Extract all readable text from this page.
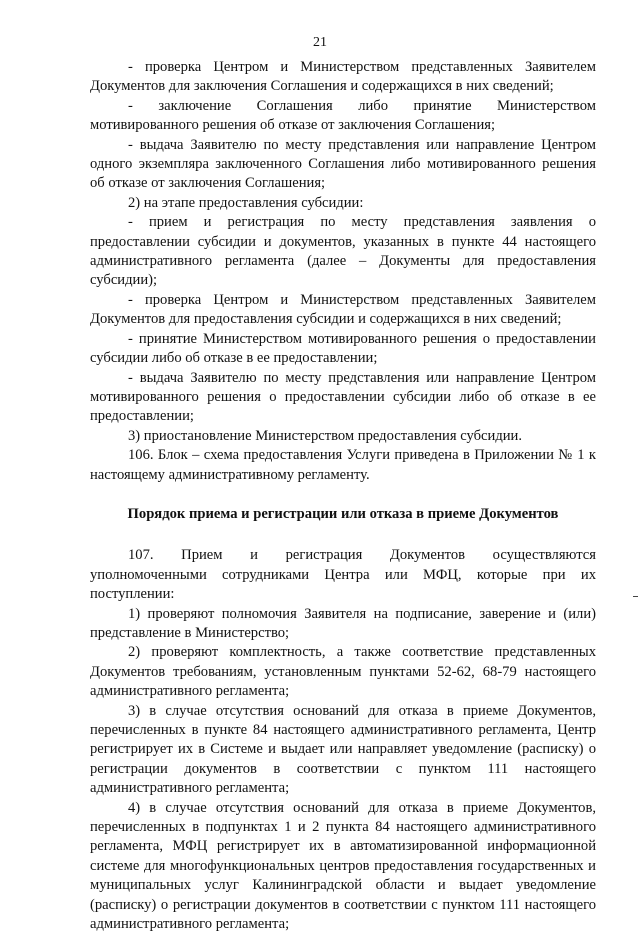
21

- проверка Центром и Министерством представленных Заявителем Документов для заключения Соглашения и содержащихся в них сведений;

- заключение Соглашения либо принятие Министерством мотивированного решения об отказе от заключения Соглашения;

- выдача Заявителю по месту представления или направление Центром одного экземпляра заключенного Соглашения либо мотивированного решения об отказе от заключения Соглашения;

2) на этапе предоставления субсидии:

- прием и регистрация по месту представления заявления о предоставлении субсидии и документов, указанных в пункте 44 настоящего административного регламента (далее – Документы для предоставления субсидии);

- проверка Центром и Министерством представленных Заявителем Документов для предоставления субсидии и содержащихся в них сведений;

- принятие Министерством мотивированного решения о предоставлении субсидии либо об отказе в ее предоставлении;

- выдача Заявителю по месту представления или направление Центром мотивированного решения о предоставлении субсидии либо об отказе в ее предоставлении;

3) приостановление Министерством предоставления субсидии.

106. Блок – схема предоставления Услуги приведена в Приложении № 1 к настоящему административному регламенту.

Порядок приема и регистрации или отказа в приеме Документов

107. Прием и регистрация Документов осуществляются уполномоченными сотрудниками Центра или МФЦ, которые при их поступлении:

1) проверяют полномочия Заявителя на подписание, заверение и (или) представление в Министерство;

2) проверяют комплектность, а также соответствие представленных Документов требованиям, установленным пунктами 52-62, 68-79 настоящего административного регламента;

3) в случае отсутствия оснований для отказа в приеме Документов, перечисленных в пункте 84 настоящего административного регламента, Центр регистрирует их в Системе и выдает или направляет уведомление (расписку) о регистрации документов в соответствии с пунктом 111 настоящего административного регламента;

4) в случае отсутствия оснований для отказа в приеме Документов, перечисленных в подпунктах 1 и 2 пункта 84 настоящего административного регламента, МФЦ регистрирует их в автоматизированной информационной системе для многофункциональных центров предоставления государственных и муниципальных услуг Калининградской области и выдает уведомление (расписку) о регистрации документов в соответствии с пунктом 111 настоящего административного регламента;
